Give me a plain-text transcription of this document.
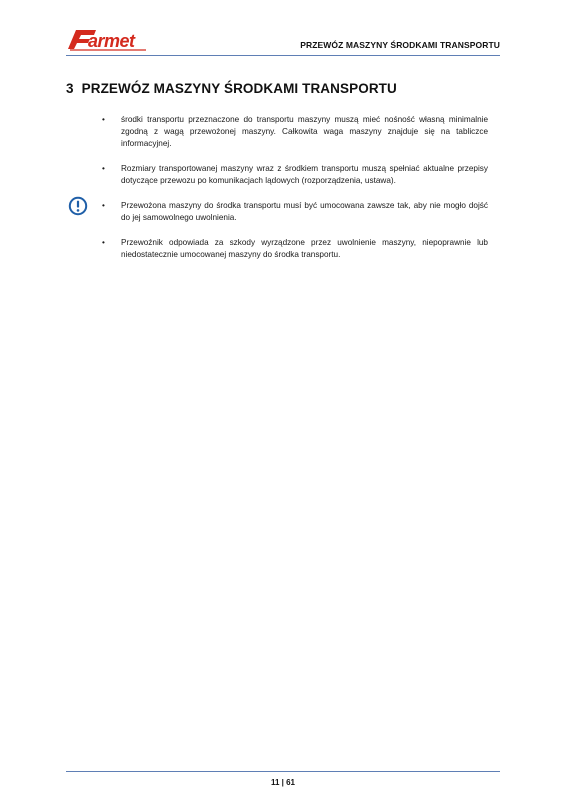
armet	PRZEWÓZ MASZYNY ŚRODKAMI TRANSPORTU
3 PRZEWÓZ MASZYNY ŚRODKAMI TRANSPORTU
• środki transportu przeznaczone do transportu maszyny muszą mieć nośność własną minimalnie zgodną z wagą przewożonej maszyny. Całkowita waga maszyny znajduje się na tabliczce informacyjnej.
• Rozmiary transportowanej maszyny wraz z środkiem transportu muszą spełniać aktualne przepisy dotyczące przewozu po komunikacjach lądowych (rozporządzenia, ustawa).
• Przewożona maszyny do środka transportu musí być umocowana zawsze tak, aby nie mogło dojść do jej samowolnego uwolnienia.
• Przewoźnik odpowiada za szkody wyrządzone przez uwolnienie maszyny, niepoprawnie lub niedostatecznie umocowanej maszyny do środka transportu.
11 | 61
